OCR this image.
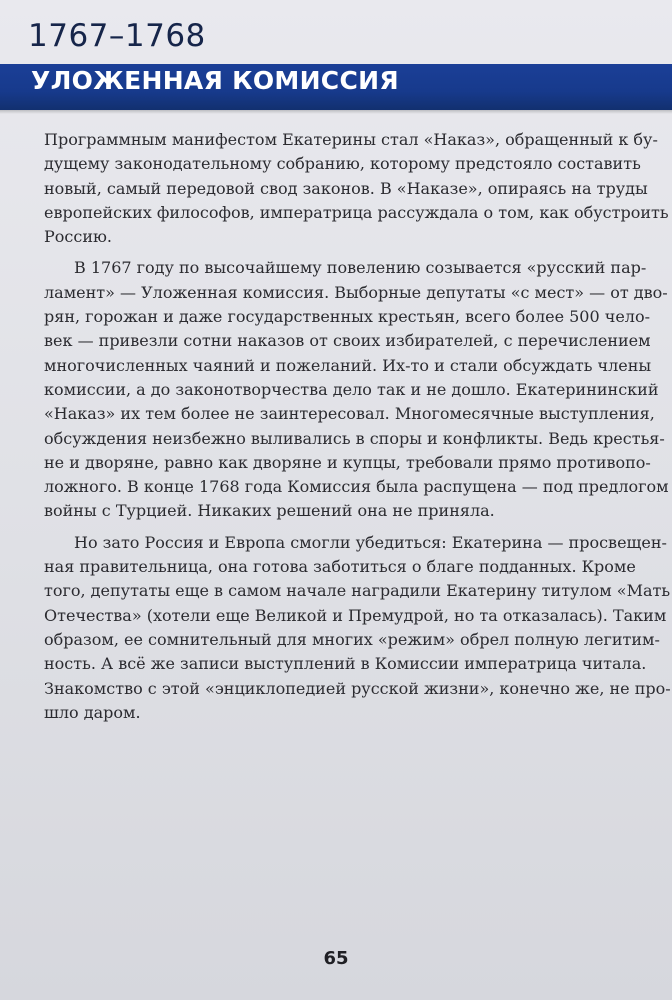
1767–1768
УЛОЖЕННАЯ КОМИССИЯ

Программным манифестом Екатерины стал «Наказ», обращенный к бу-
дущему законодательному собранию, которому предстояло составить
новый, самый передовой свод законов. В «Наказе», опираясь на труды
европейских философов, императрица рассуждала о том, как обустроить
Россию.

В 1767 году по высочайшему повелению созывается «русский пар-
ламент» — Уложенная комиссия. Выборные депутаты «с мест» — от дво-
рян, горожан и даже государственных крестьян, всего более 500 чело-
век — привезли сотни наказов от своих избирателей, с перечислением
многочисленных чаяний и пожеланий. Их-то и стали обсуждать члены
комиссии, а до законотворчества дело так и не дошло. Екатерининский
«Наказ» их тем более не заинтересовал. Многомесячные выступления,
обсуждения неизбежно выливались в споры и конфликты. Ведь крестья-
не и дворяне, равно как дворяне и купцы, требовали прямо противопо-
ложного. В конце 1768 года Комиссия была распущена — под предлогом
войны с Турцией. Никаких решений она не приняла.

Но зато Россия и Европа смогли убедиться: Екатерина — просвещен-
ная правительница, она готова заботиться о благе подданных. Кроме
того, депутаты еще в самом начале наградили Екатерину титулом «Мать
Отечества» (хотели еще Великой и Премудрой, но та отказалась). Таким
образом, ее сомнительный для многих «режим» обрел полную легитим-
ность. А всё же записи выступлений в Комиссии императрица читала.
Знакомство с этой «энциклопедией русской жизни», конечно же, не про-
шло даром.

65
